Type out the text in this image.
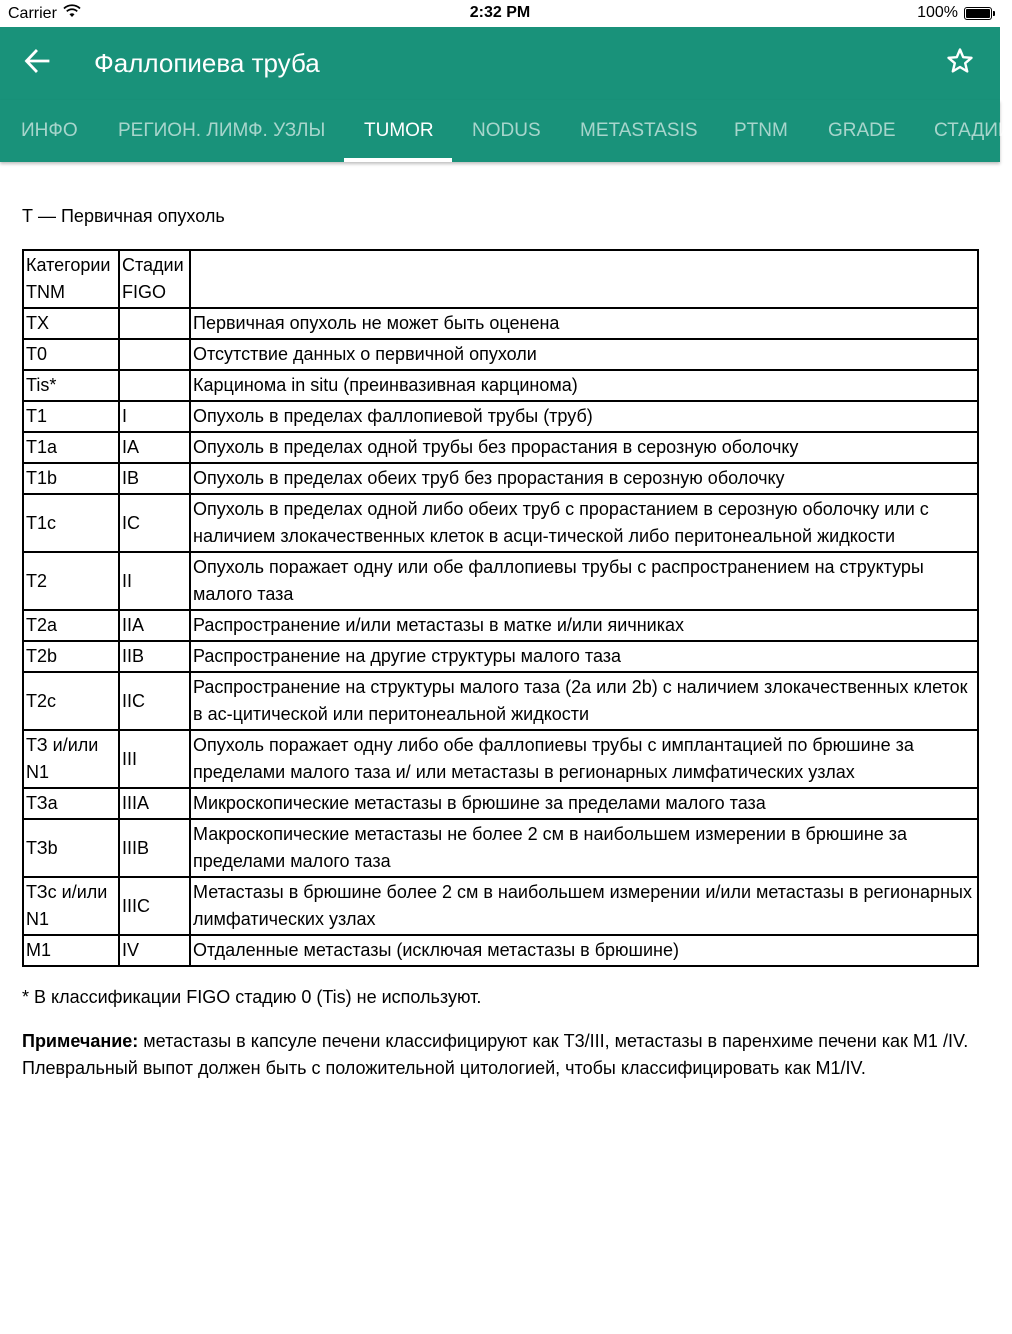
Carrier	2:32 PM	100%
Фаллопиева труба
ИНФО РЕГИОН. ЛИМФ. УЗЛЫ TUMOR NODUS METASTASIS PTNM GRADE СТАДИИ
Т — Первичная опухоль
Категории TNM	Стадии FIGO	
TX		Первичная опухоль не может быть оценена
T0		Отсутствие данных о первичной опухоли
Tis*		Карцинома in situ (преинвазивная карцинома)
T1	I	Опухоль в пределах фаллопиевой трубы (труб)
T1a	IA	Опухоль в пределах одной трубы без прорастания в серозную оболочку
T1b	IB	Опухоль в пределах обеих труб без прорастания в серозную оболочку
T1c	IC	Опухоль в пределах одной либо обеих труб с прорастанием в серозную оболочку или с наличием злокачественных клеток в асци-тической либо перитонеальной жидкости
T2	II	Опухоль поражает одну или обе фаллопиевы трубы с распространением на структуры малого таза
T2a	IIA	Распространение и/или метастазы в матке и/или яичниках
T2b	IIB	Распространение на другие структуры малого таза
T2c	IIC	Распространение на структуры малого таза (2a или 2b) с наличием злокачественных клеток в ас-цитической или перитонеальной жидкости
ТЗ и/или N1	III	Опухоль поражает одну либо обе фаллопиевы трубы с имплантацией по брюшине за пределами малого таза и/ или метастазы в регионарных лимфатических узлах
ТЗа	IIIA	Микроскопические метастазы в брюшине за пределами малого таза
ТЗb	IIIB	Макроскопические метастазы не более 2 см в наибольшем измерении в брюшине за пределами малого таза
ТЗс и/или N1	IIIC	Метастазы в брюшине более 2 см в наибольшем измерении и/или метастазы в регионарных лимфатических узлах
M1	IV	Отдаленные метастазы (исключая метастазы в брюшине)
* В классификации FIGO стадию 0 (Tis) не используют.
Примечание: метастазы в капсуле печени классифицируют как Т3/III, метастазы в паренхиме печени как M1 /IV. Плевральный выпот должен быть с положительной цитологией, чтобы классифицировать как M1/IV.
